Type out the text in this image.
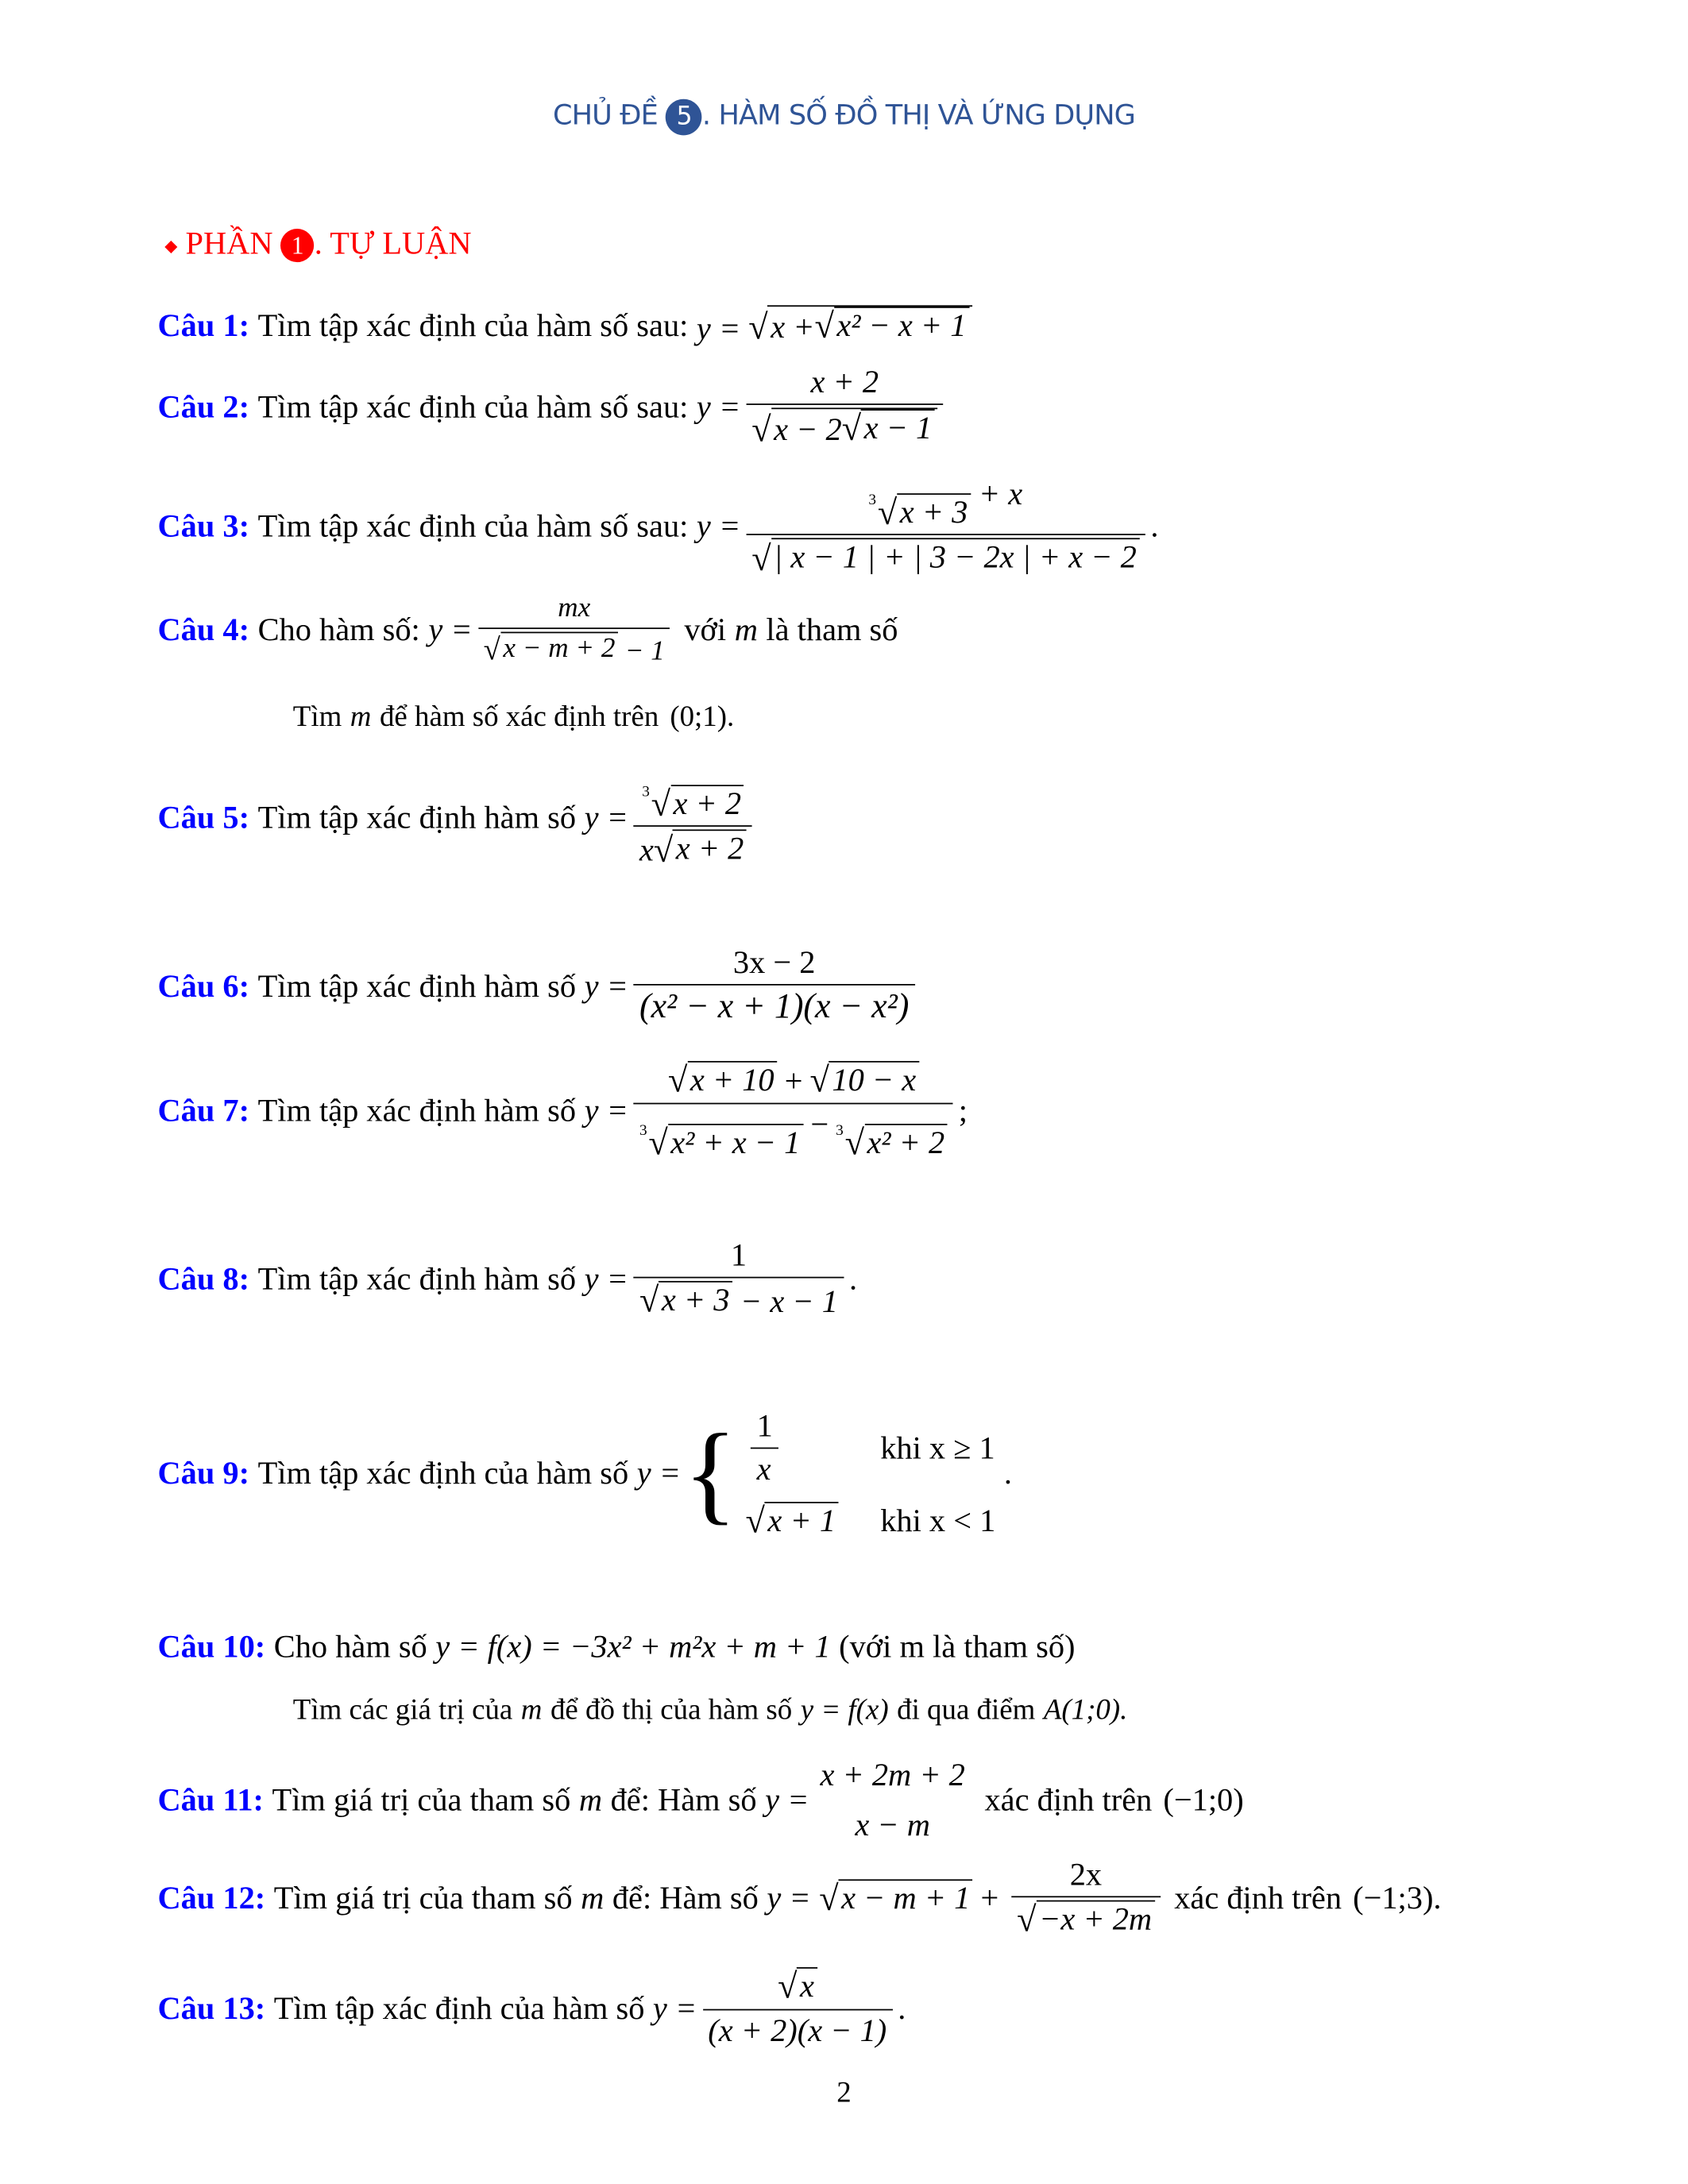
CHỦ ĐỀ 5 . HÀM SỐ ĐỒ THỊ VÀ ỨNG DỤNG
◆ PHẦN 1 . TỰ LUẬN
Câu 1: Tìm tập xác định của hàm số sau: y = √ x + √ x² − x + 1
Câu 2: Tìm tập xác định của hàm số sau: $y = \frac{x + 2}{√ x - 2 √ x - 1}$
Câu 3: Tìm tập xác định của hàm số sau: y = 3 √ x + 3
+ x
√ | x − 1 | + | 3 − 2x | + x − 2 .
Câu 4: Cho hàm số: $y = \frac{mx}{√ x - m + 2 - 1}$ với m là tham số
Tìm m để hàm số xác định trên (0;1).
Câu 5: Tìm tập xác định hàm số $y = \frac{3 √ x + 2}{x √ x + 2}$
Câu 6: Tìm tập xác định hàm số $y = \frac{3x - 2}{\text{(x² − x + 1)(x − x²)}}$
Câu 7: Tìm tập xác định hàm số y = √ x + 10 + √ 10 − x
3 √ x² + x − 1
− 3 √ x² + 2 ;
Câu 8: Tìm tập xác định hàm số $y = \frac{1}{√ x + 3 - x - 1}$ .
Câu 9: Tìm tập xác định của hàm số y = { $\frac{1}{x}$	khi x ≥ 1
√ x + 1 khi x < 1
.
Câu 10: Cho hàm số y = f(x) = −3x² + m²x + m + 1 (với m là tham số)
Tìm các giá trị của m để đồ thị của hàm số y = f(x) đi qua điểm A(1;0).
Câu 11: Tìm giá trị của tham số m để: Hàm số y =
x + 2m + 2
x − m
xác định trên (−1;0)
Câu 12: Tìm giá trị của tham số m để: Hàm số y = √ $x - m + 1 + \frac{2x}{√ -x + 2m}$ xác định trên (−1;3).
Câu 13: Tìm tập xác định của hàm số $y = \frac{√ x}{(x + 2)(x - 1)}$ .
2
